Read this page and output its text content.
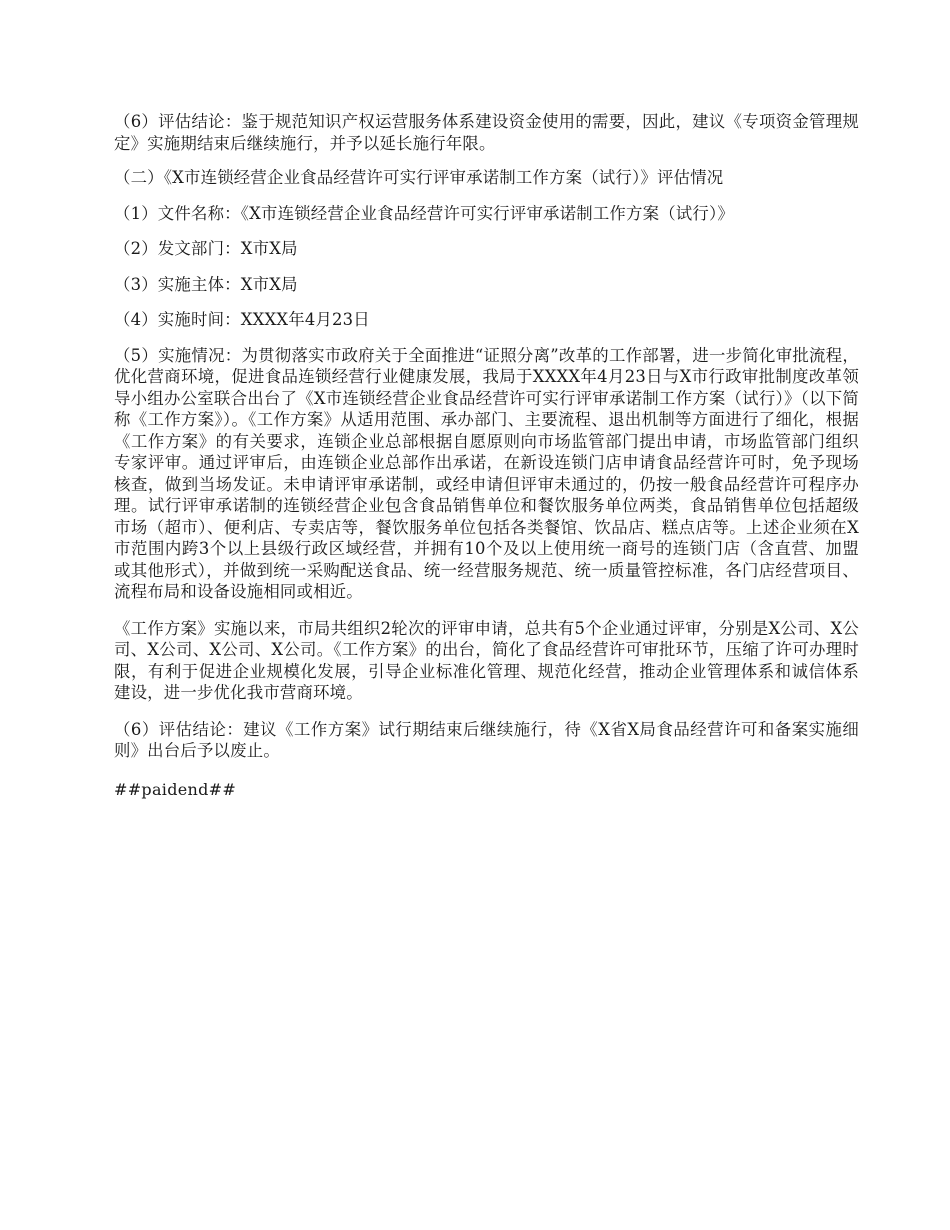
（6）评估结论：鉴于规范知识产权运营服务体系建设资金使用的需要，因此，建议《专项资金管理规定》实施期结束后继续施行，并予以延长施行年限。

（二）《X市连锁经营企业食品经营许可实行评审承诺制工作方案（试行）》评估情况

（1）文件名称：《X市连锁经营企业食品经营许可实行评审承诺制工作方案（试行）》

（2）发文部门：X市X局

（3）实施主体：X市X局

（4）实施时间：XXXX年4月23日

（5）实施情况：为贯彻落实市政府关于全面推进“证照分离”改革的工作部署，进一步简化审批流程，优化营商环境，促进食品连锁经营行业健康发展，我局于XXXX年4月23日与X市行政审批制度改革领导小组办公室联合出台了《X市连锁经营企业食品经营许可实行评审承诺制工作方案（试行）》（以下简称《工作方案》）。《工作方案》从适用范围、承办部门、主要流程、退出机制等方面进行了细化，根据《工作方案》的有关要求，连锁企业总部根据自愿原则向市场监管部门提出申请，市场监管部门组织专家评审。通过评审后，由连锁企业总部作出承诺，在新设连锁门店申请食品经营许可时，免予现场核查，做到当场发证。未申请评审承诺制，或经申请但评审未通过的，仍按一般食品经营许可程序办理。试行评审承诺制的连锁经营企业包含食品销售单位和餐饮服务单位两类，食品销售单位包括超级市场（超市）、便利店、专卖店等，餐饮服务单位包括各类餐馆、饮品店、糕点店等。上述企业须在X市范围内跨3个以上县级行政区域经营，并拥有10个及以上使用统一商号的连锁门店（含直营、加盟或其他形式），并做到统一采购配送食品、统一经营服务规范、统一质量管控标准，各门店经营项目、流程布局和设备设施相同或相近。

《工作方案》实施以来，市局共组织2轮次的评审申请，总共有5个企业通过评审，分别是X公司、X公司、X公司、X公司、X公司。《工作方案》的出台，简化了食品经营许可审批环节，压缩了许可办理时限，有利于促进企业规模化发展，引导企业标准化管理、规范化经营，推动企业管理体系和诚信体系建设，进一步优化我市营商环境。

（6）评估结论：建议《工作方案》试行期结束后继续施行，待《X省X局食品经营许可和备案实施细则》出台后予以废止。

##paidend##
